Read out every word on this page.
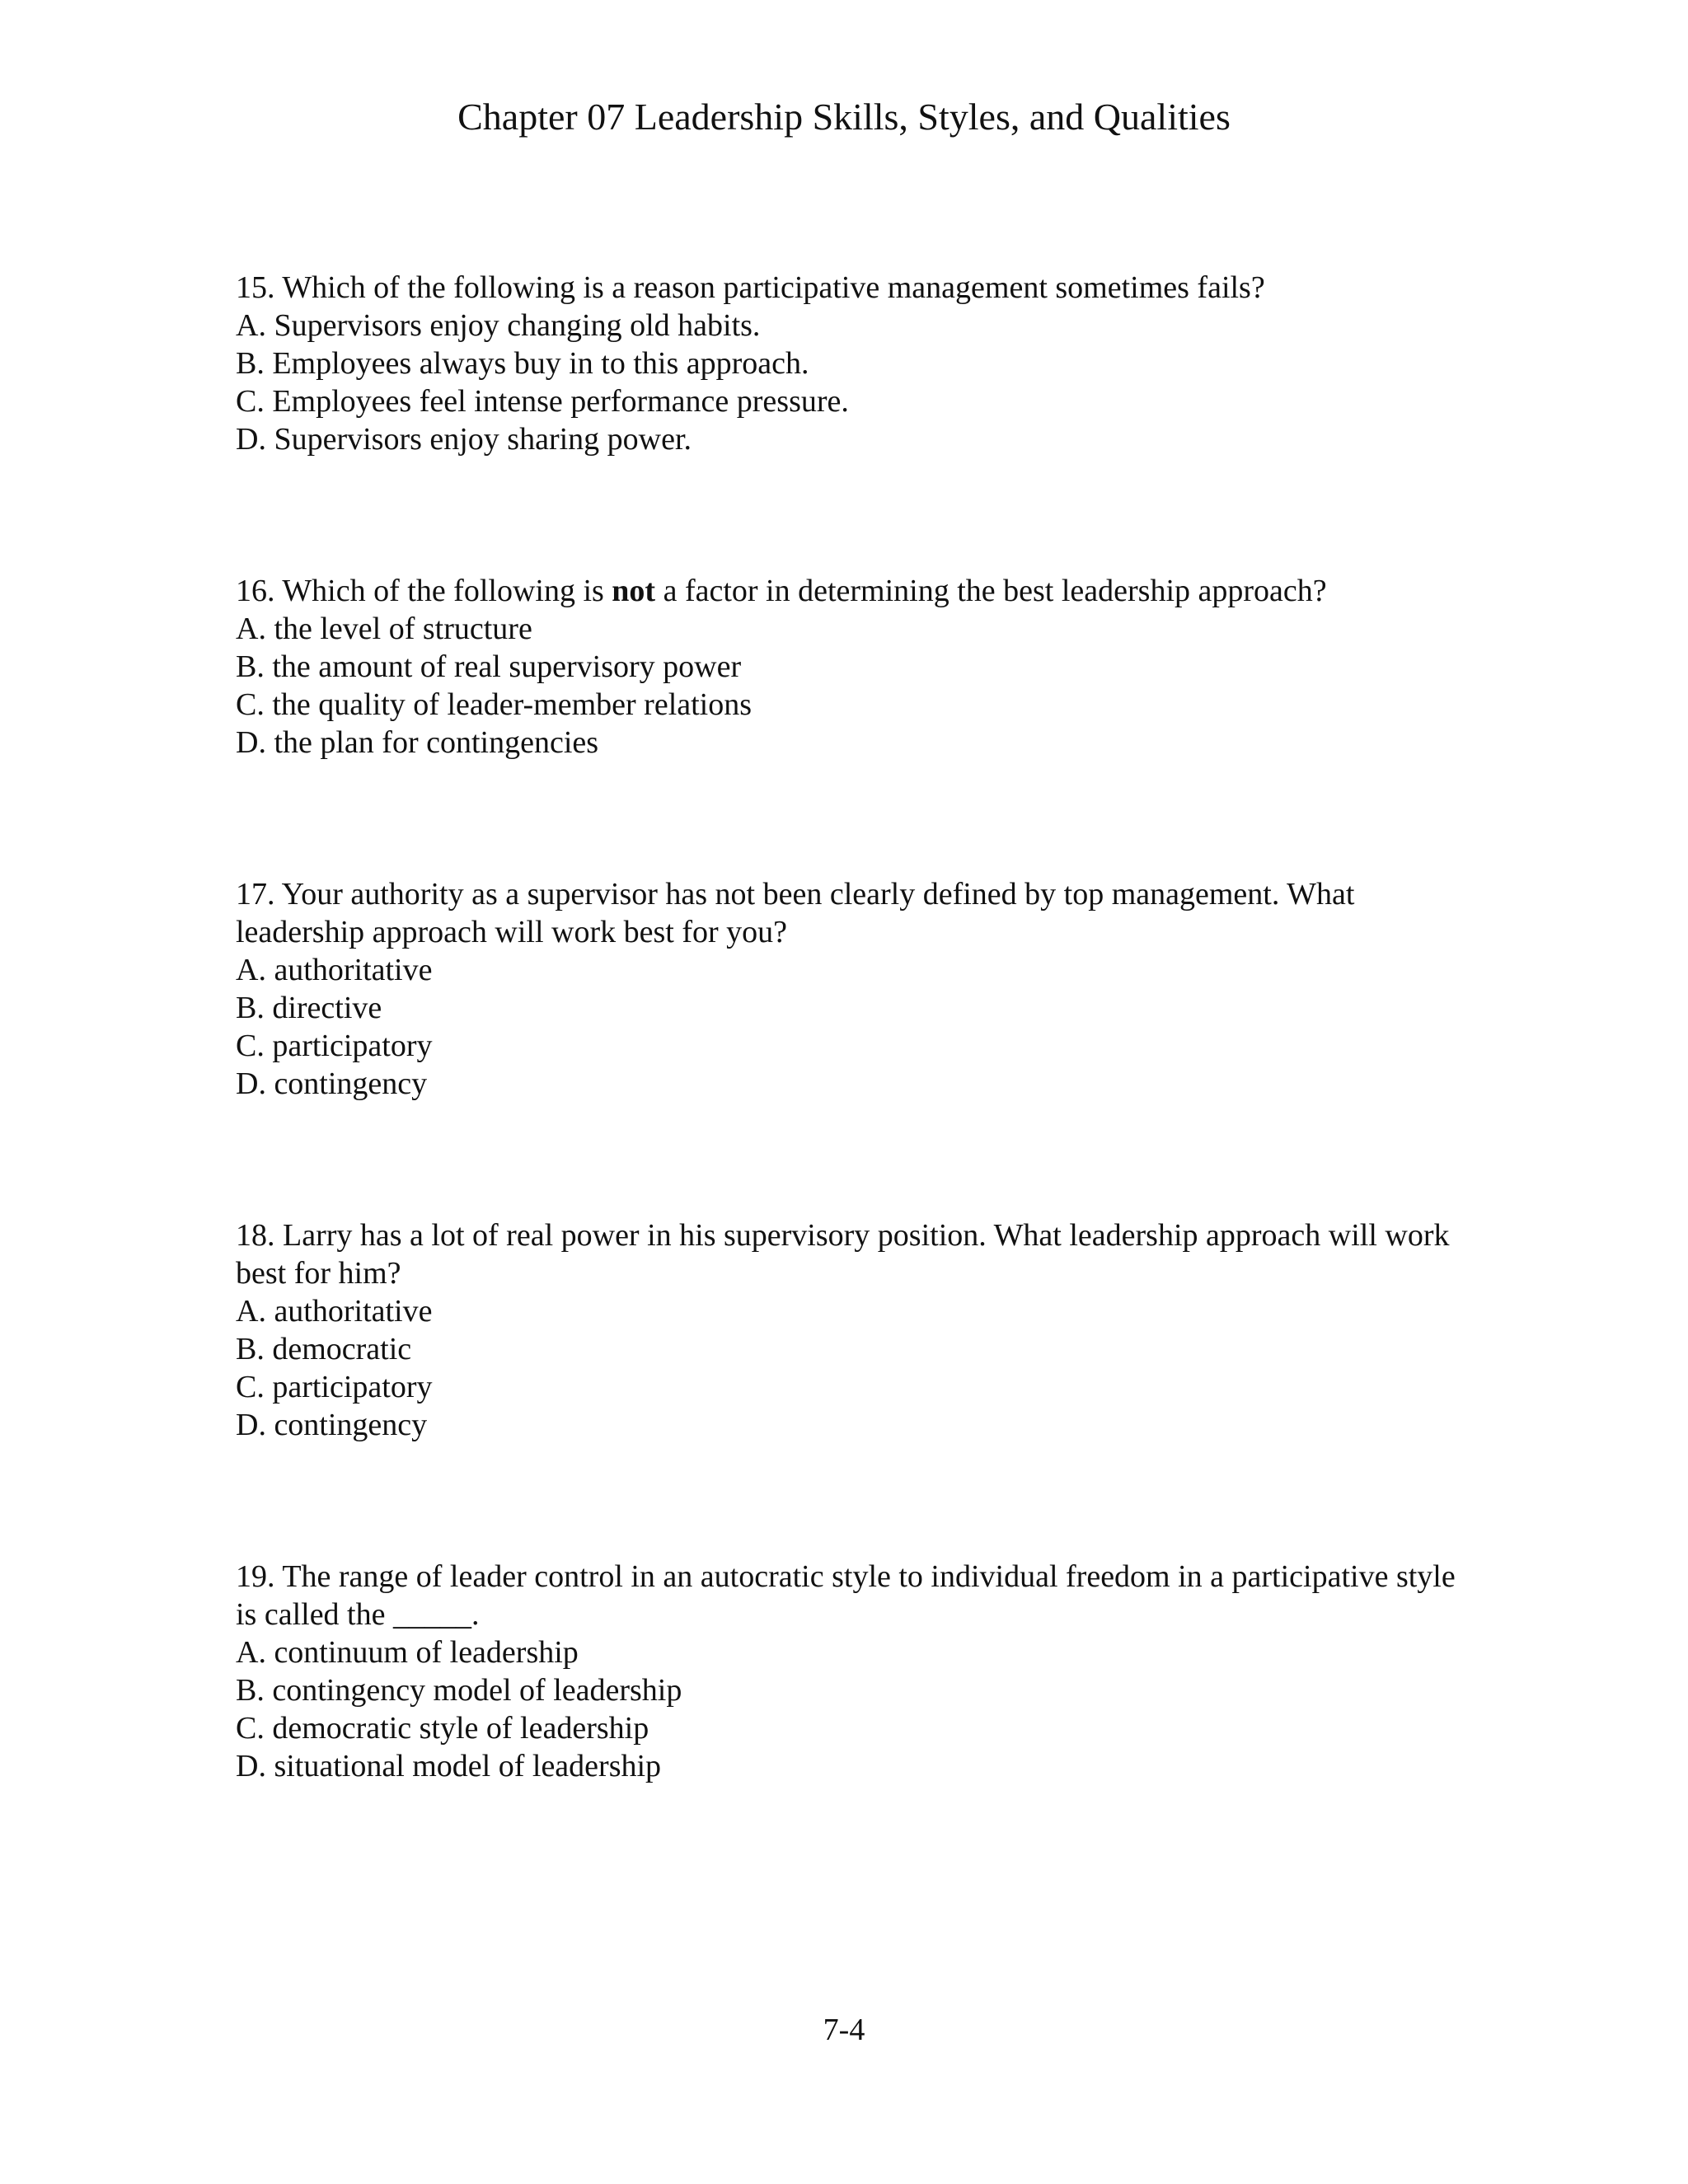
Chapter 07 Leadership Skills, Styles, and Qualities

15. Which of the following is a reason participative management sometimes fails?

A. Supervisors enjoy changing old habits.

B. Employees always buy in to this approach.

C. Employees feel intense performance pressure.

D. Supervisors enjoy sharing power.

16. Which of the following is not a factor in determining the best leadership approach?

A. the level of structure

B. the amount of real supervisory power

C. the quality of leader-member relations

D. the plan for contingencies

17. Your authority as a supervisor has not been clearly defined by top management. What leadership approach will work best for you?

A. authoritative

B. directive

C. participatory

D. contingency

18. Larry has a lot of real power in his supervisory position. What leadership approach will work best for him?

A. authoritative

B. democratic

C. participatory

D. contingency

19. The range of leader control in an autocratic style to individual freedom in a participative style is called the _____.

A. continuum of leadership

B. contingency model of leadership

C. democratic style of leadership

D. situational model of leadership

7-4
